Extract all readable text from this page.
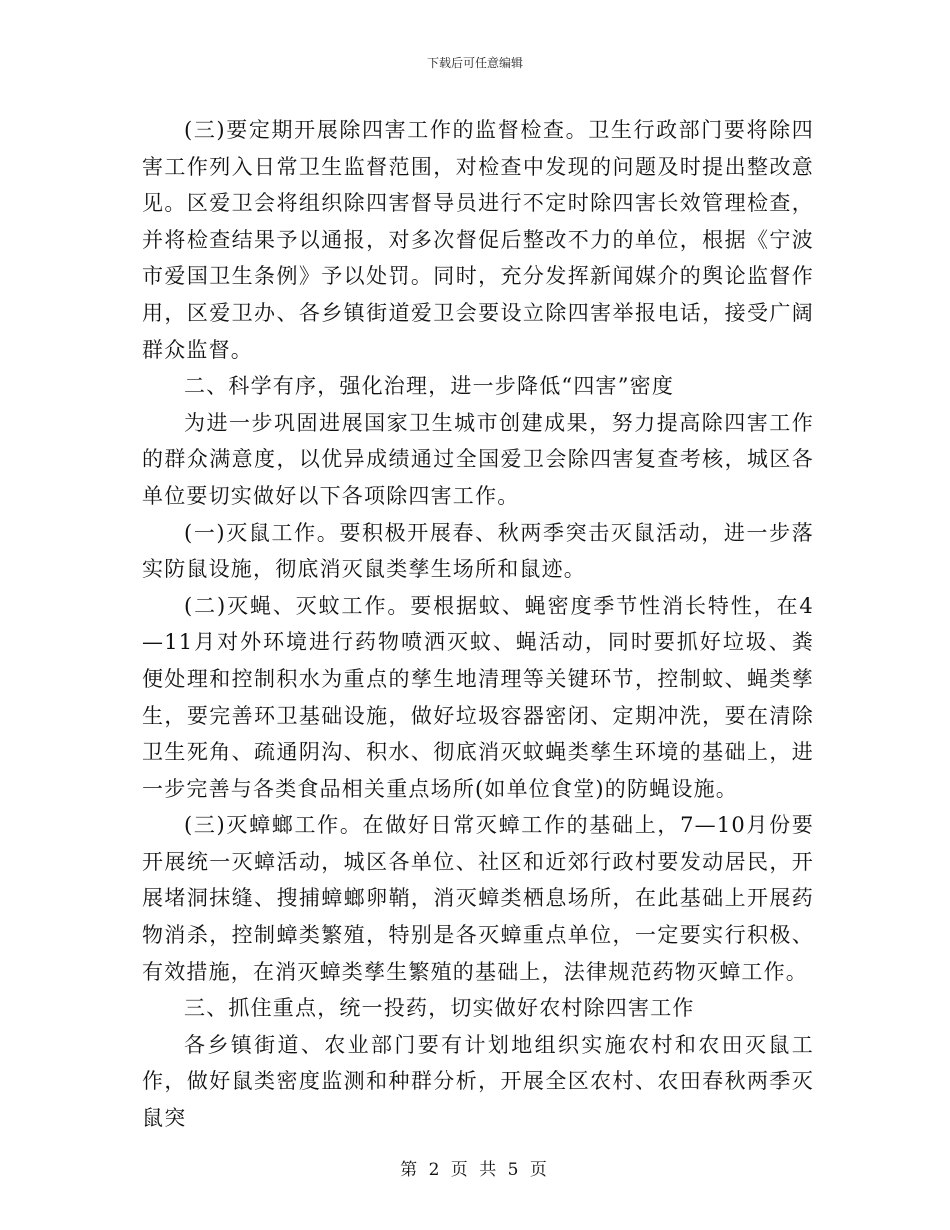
下载后可任意编辑

(三)要定期开展除四害工作的监督检查。卫生行政部门要将除四害工作列入日常卫生监督范围，对检查中发现的问题及时提出整改意见。区爱卫会将组织除四害督导员进行不定时除四害长效管理检查，并将检查结果予以通报，对多次督促后整改不力的单位，根据《宁波市爱国卫生条例》予以处罚。同时，充分发挥新闻媒介的舆论监督作用，区爱卫办、各乡镇街道爱卫会要设立除四害举报电话，接受广阔群众监督。

二、科学有序，强化治理，进一步降低“四害”密度

为进一步巩固进展国家卫生城市创建成果，努力提高除四害工作的群众满意度，以优异成绩通过全国爱卫会除四害复查考核，城区各单位要切实做好以下各项除四害工作。

(一)灭鼠工作。要积极开展春、秋两季突击灭鼠活动，进一步落实防鼠设施，彻底消灭鼠类孳生场所和鼠迹。

(二)灭蝇、灭蚊工作。要根据蚊、蝇密度季节性消长特性，在4—11月对外环境进行药物喷洒灭蚊、蝇活动，同时要抓好垃圾、粪便处理和控制积水为重点的孳生地清理等关键环节，控制蚊、蝇类孳生，要完善环卫基础设施，做好垃圾容器密闭、定期冲洗，要在清除卫生死角、疏通阴沟、积水、彻底消灭蚊蝇类孳生环境的基础上，进一步完善与各类食品相关重点场所(如单位食堂)的防蝇设施。

(三)灭蟑螂工作。在做好日常灭蟑工作的基础上，7—10月份要开展统一灭蟑活动，城区各单位、社区和近郊行政村要发动居民，开展堵洞抹缝、搜捕蟑螂卵鞘，消灭蟑类栖息场所，在此基础上开展药物消杀，控制蟑类繁殖，特别是各灭蟑重点单位，一定要实行积极、有效措施，在消灭蟑类孳生繁殖的基础上，法律规范药物灭蟑工作。

三、抓住重点，统一投药，切实做好农村除四害工作

各乡镇街道、农业部门要有计划地组织实施农村和农田灭鼠工作，做好鼠类密度监测和种群分析，开展全区农村、农田春秋两季灭鼠突

第 2 页 共 5 页
